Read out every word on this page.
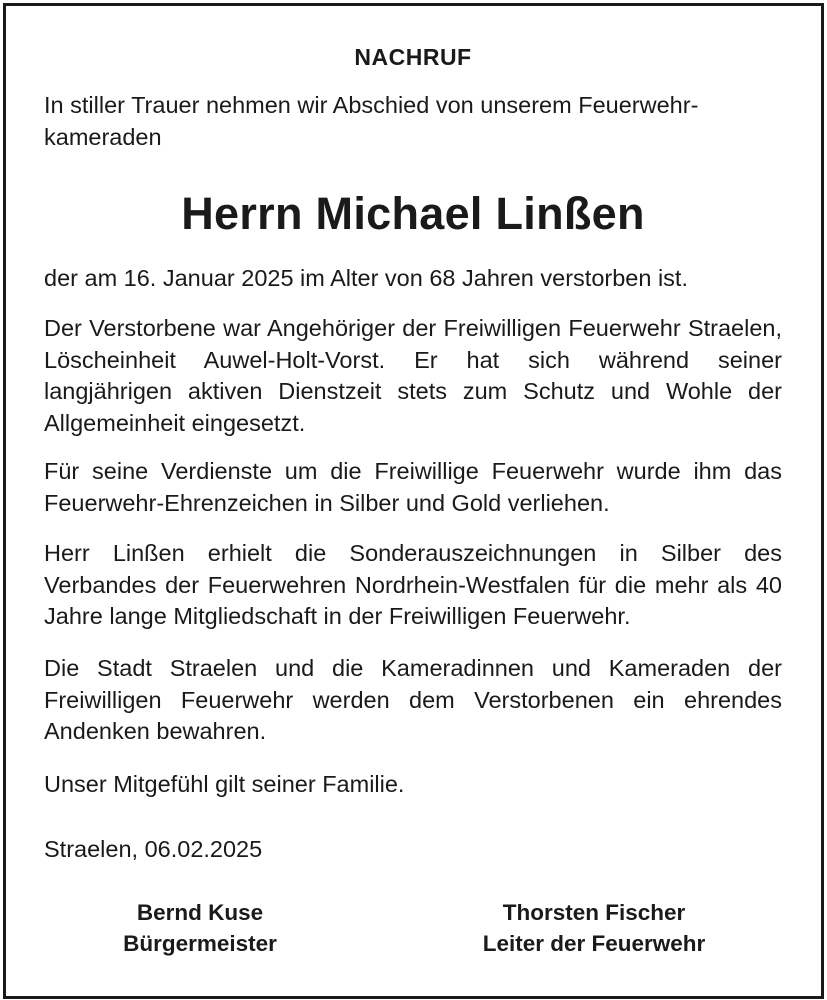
NACHRUF

In stiller Trauer nehmen wir Abschied von unserem Feuerwehrkameraden

Herrn Michael Linßen

der am 16. Januar 2025 im Alter von 68 Jahren verstorben ist.

Der Verstorbene war Angehöriger der Freiwilligen Feuerwehr Straelen, Löscheinheit Auwel-Holt-Vorst. Er hat sich während seiner langjährigen aktiven Dienstzeit stets zum Schutz und Wohle der Allgemeinheit eingesetzt.

Für seine Verdienste um die Freiwillige Feuerwehr wurde ihm das Feuerwehr-Ehrenzeichen in Silber und Gold verliehen.

Herr Linßen erhielt die Sonderauszeichnungen in Silber des Verbandes der Feuerwehren Nordrhein-Westfalen für die mehr als 40 Jahre lange Mitgliedschaft in der Freiwilligen Feuerwehr.

Die Stadt Straelen und die Kameradinnen und Kameraden der Freiwilligen Feuerwehr werden dem Verstorbenen ein ehrendes Andenken bewahren.

Unser Mitgefühl gilt seiner Familie.

Straelen, 06.02.2025

Bernd Kuse
Bürgermeister
Thorsten Fischer
Leiter der Feuerwehr
